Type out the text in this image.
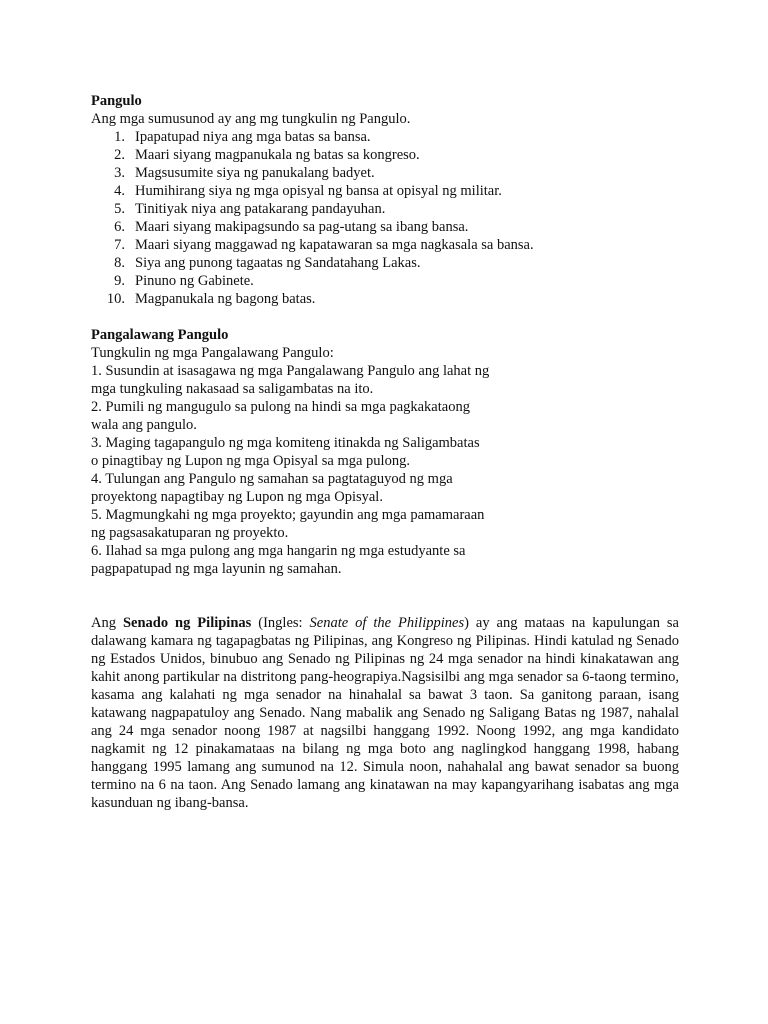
Pangulo

Ang mga sumusunod ay ang mg tungkulin ng Pangulo.

1. Ipapatupad niya ang mga batas sa bansa.
2. Maari siyang magpanukala ng batas sa kongreso.
3. Magsusumite siya ng panukalang badyet.
4. Humihirang siya ng mga opisyal ng bansa at opisyal ng militar.
5. Tinitiyak niya ang patakarang pandayuhan.
6. Maari siyang makipagsundo sa pag-utang sa ibang bansa.
7. Maari siyang maggawad ng kapatawaran sa mga nagkasala sa bansa.
8. Siya ang punong tagaatas ng Sandatahang Lakas.
9. Pinuno ng Gabinete.
10. Magpanukala ng bagong batas.

Pangalawang Pangulo

Tungkulin ng mga Pangalawang Pangulo:

1. Susundin at isasagawa ng mga Pangalawang Pangulo ang lahat ng

mga tungkuling nakasaad sa saligambatas na ito.

2. Pumili ng mangugulo sa pulong na hindi sa mga pagkakataong

wala ang pangulo.

3. Maging tagapangulo ng mga komiteng itinakda ng Saligambatas

o pinagtibay ng Lupon ng mga Opisyal sa mga pulong.

4. Tulungan ang Pangulo ng samahan sa pagtataguyod ng mga

proyektong napagtibay ng Lupon ng mga Opisyal.

5. Magmungkahi ng mga proyekto; gayundin ang mga pamamaraan

ng pagsasakatuparan ng proyekto.

6. Ilahad sa mga pulong ang mga hangarin ng mga estudyante sa

pagpapatupad ng mga layunin ng samahan.

Ang Senado ng Pilipinas (Ingles: Senate of the Philippines) ay ang mataas na kapulungan sa dalawang kamara ng tagapagbatas ng Pilipinas, ang Kongreso ng Pilipinas. Hindi katulad ng Senado ng Estados Unidos, binubuo ang Senado ng Pilipinas ng 24 mga senador na hindi kinakatawan ang kahit anong partikular na distritong pang-heograpiya.Nagsisilbi ang mga senador sa 6-taong termino, kasama ang kalahati ng mga senador na hinahalal sa bawat 3 taon. Sa ganitong paraan, isang katawang nagpapatuloy ang Senado. Nang mabalik ang Senado ng Saligang Batas ng 1987, nahalal ang 24 mga senador noong 1987 at nagsilbi hanggang 1992. Noong 1992, ang mga kandidato nagkamit ng 12 pinakamataas na bilang ng mga boto ang naglingkod hanggang 1998, habang hanggang 1995 lamang ang sumunod na 12. Simula noon, nahahalal ang bawat senador sa buong termino na 6 na taon. Ang Senado lamang ang kinatawan na may kapangyarihang isabatas ang mga kasunduan ng ibang-bansa.
